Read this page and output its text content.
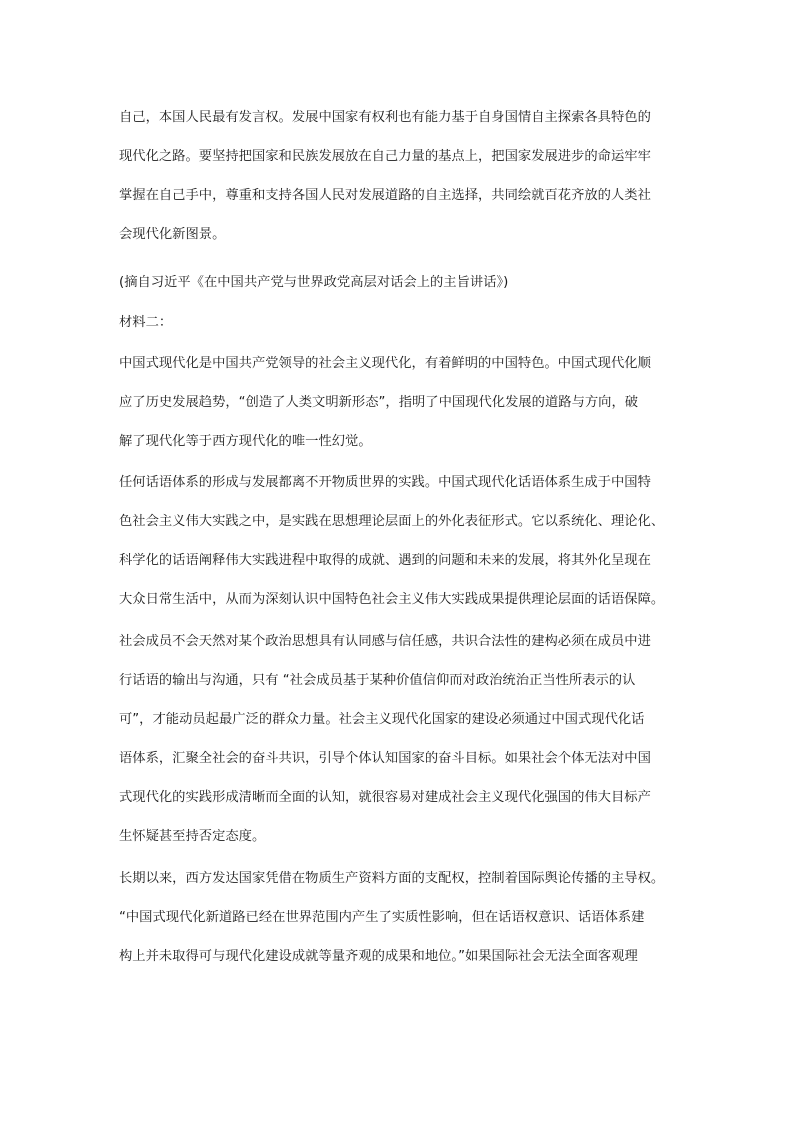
自己，本国人民最有发言权。发展中国家有权利也有能力基于自身国情自主探索各具特色的
现代化之路。要坚持把国家和民族发展放在自己力量的基点上，把国家发展进步的命运牢牢
掌握在自己手中，尊重和支持各国人民对发展道路的自主选择，共同绘就百花齐放的人类社
会现代化新图景。
(摘自习近平《在中国共产党与世界政党高层对话会上的主旨讲话》)
材料二：
中国式现代化是中国共产党领导的社会主义现代化，有着鲜明的中国特色。中国式现代化顺
应了历史发展趋势，“创造了人类文明新形态”，指明了中国现代化发展的道路与方向，破
解了现代化等于西方现代化的唯一性幻觉。
任何话语体系的形成与发展都离不开物质世界的实践。中国式现代化话语体系生成于中国特
色社会主义伟大实践之中，是实践在思想理论层面上的外化表征形式。它以系统化、理论化、
科学化的话语阐释伟大实践进程中取得的成就、遇到的问题和未来的发展，将其外化呈现在
大众日常生活中，从而为深刻认识中国特色社会主义伟大实践成果提供理论层面的话语保障。
社会成员不会天然对某个政治思想具有认同感与信任感，共识合法性的建构必须在成员中进
行话语的输出与沟通，只有 “社会成员基于某种价值信仰而对政治统治正当性所表示的认
可”，才能动员起最广泛的群众力量。社会主义现代化国家的建设必须通过中国式现代化话
语体系，汇聚全社会的奋斗共识，引导个体认知国家的奋斗目标。如果社会个体无法对中国
式现代化的实践形成清晰而全面的认知，就很容易对建成社会主义现代化强国的伟大目标产
生怀疑甚至持否定态度。
长期以来，西方发达国家凭借在物质生产资料方面的支配权，控制着国际舆论传播的主导权。
“中国式现代化新道路已经在世界范围内产生了实质性影响，但在话语权意识、话语体系建
构上并未取得可与现代化建设成就等量齐观的成果和地位。”如果国际社会无法全面客观理
